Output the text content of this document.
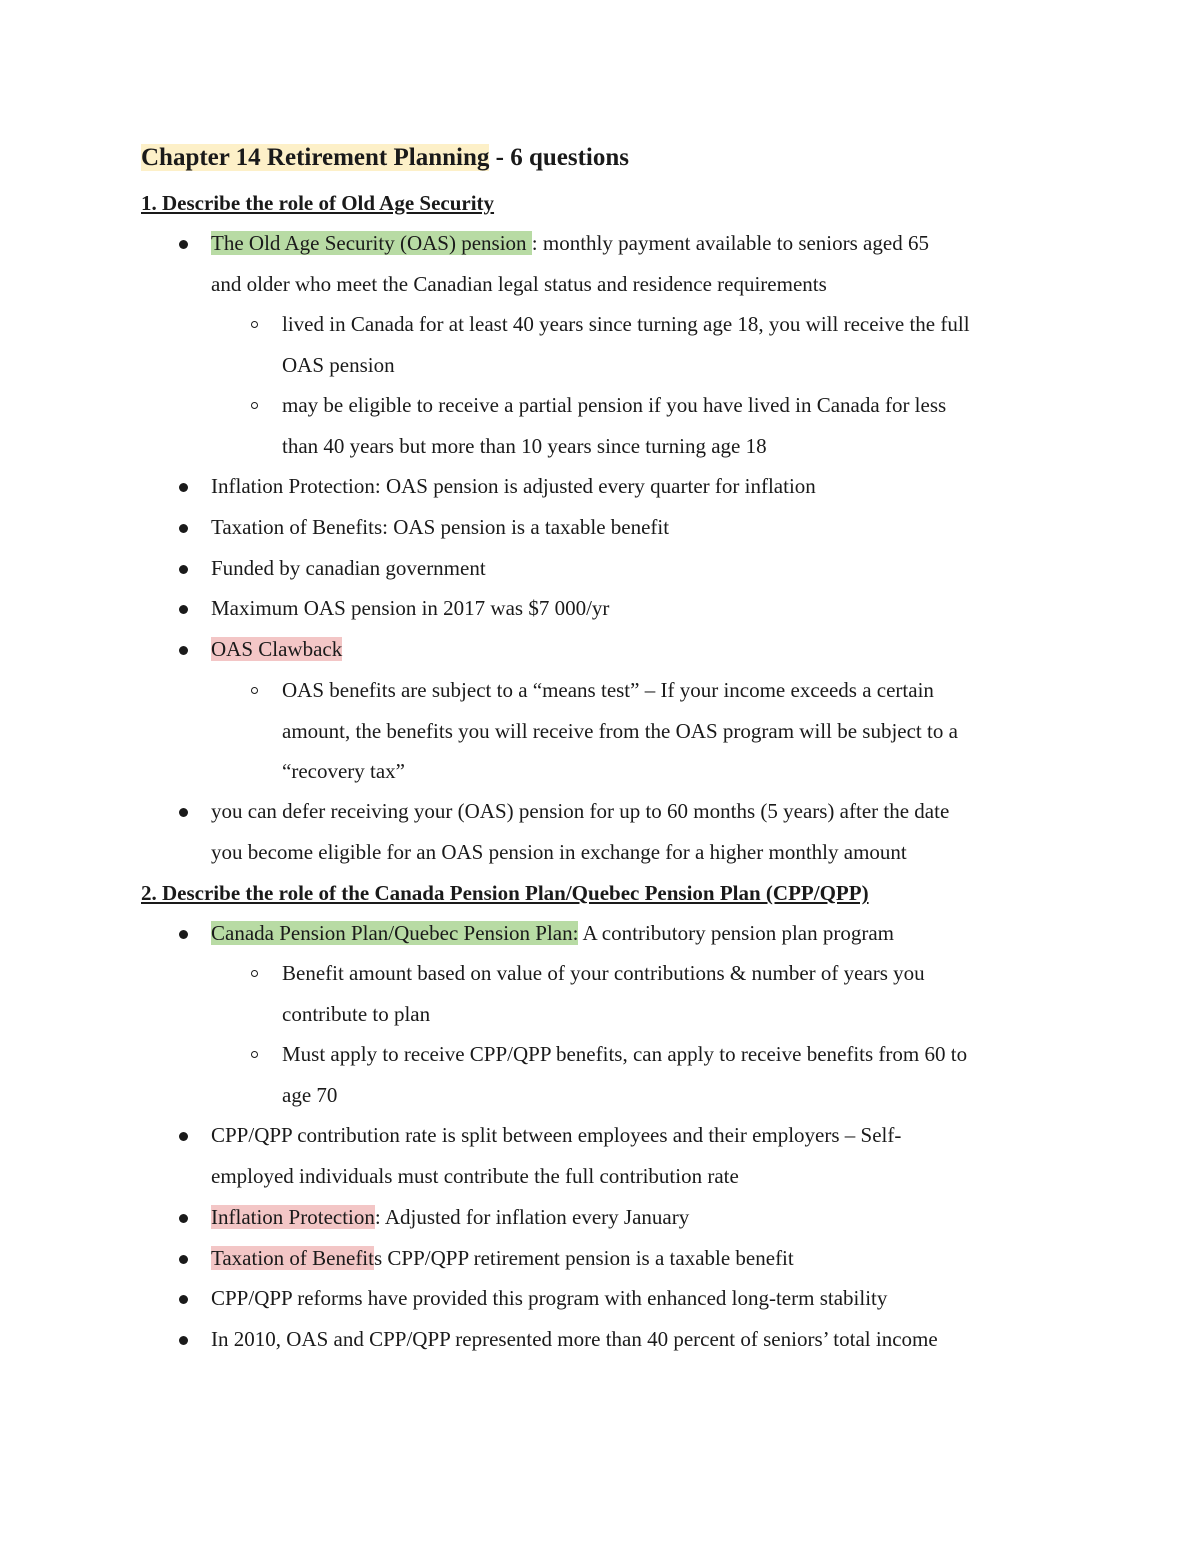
Chapter 14 Retirement Planning - 6 questions
1. Describe the role of Old Age Security
The Old Age Security (OAS) pension : monthly payment available to seniors aged 65
and older who meet the Canadian legal status and residence requirements
lived in Canada for at least 40 years since turning age 18, you will receive the full
OAS pension
may be eligible to receive a partial pension if you have lived in Canada for less
than 40 years but more than 10 years since turning age 18
Inflation Protection: OAS pension is adjusted every quarter for inflation
Taxation of Benefits: OAS pension is a taxable benefit
Funded by canadian government
Maximum OAS pension in 2017 was $7 000/yr
OAS Clawback
OAS benefits are subject to a “means test” – If your income exceeds a certain
amount, the benefits you will receive from the OAS program will be subject to a
“recovery tax”
you can defer receiving your (OAS) pension for up to 60 months (5 years) after the date
you become eligible for an OAS pension in exchange for a higher monthly amount
2. Describe the role of the Canada Pension Plan/Quebec Pension Plan (CPP/QPP)
Canada Pension Plan/Quebec Pension Plan: A contributory pension plan program
Benefit amount based on value of your contributions & number of years you
contribute to plan
Must apply to receive CPP/QPP benefits, can apply to receive benefits from 60 to
age 70
CPP/QPP contribution rate is split between employees and their employers – Self-
employed individuals must contribute the full contribution rate
Inflation Protection: Adjusted for inflation every January
Taxation of Benefits CPP/QPP retirement pension is a taxable benefit
CPP/QPP reforms have provided this program with enhanced long-term stability
In 2010, OAS and CPP/QPP represented more than 40 percent of seniors’ total income
